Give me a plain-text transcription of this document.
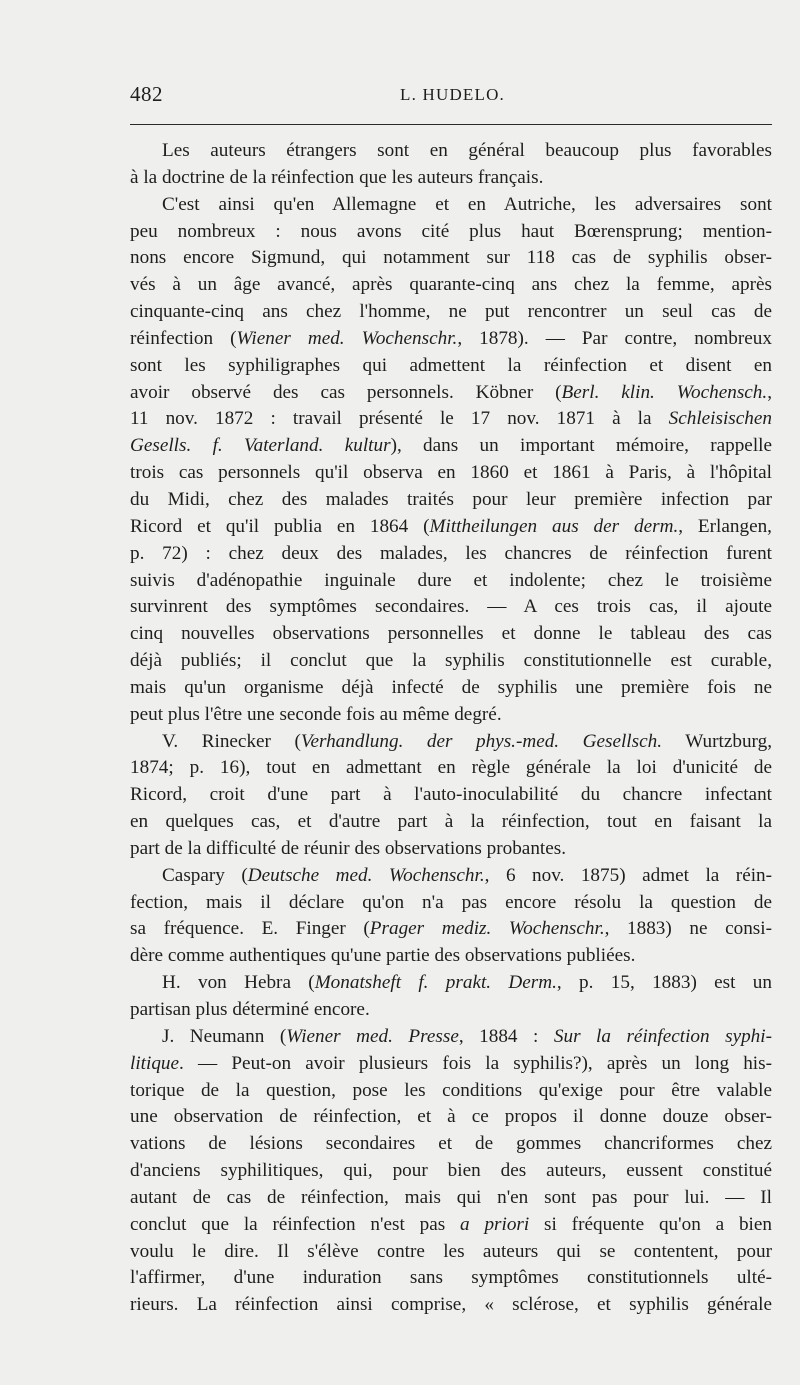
482	L. HUDELO.
Les auteurs étrangers sont en général beaucoup plus favorables
à la doctrine de la réinfection que les auteurs français.
C'est ainsi qu'en Allemagne et en Autriche, les adversaires sont
peu nombreux : nous avons cité plus haut Bœrensprung; mention-
nons encore Sigmund, qui notamment sur 118 cas de syphilis obser-
vés à un âge avancé, après quarante-cinq ans chez la femme, après
cinquante-cinq ans chez l'homme, ne put rencontrer un seul cas de
réinfection (Wiener med. Wochenschr., 1878). — Par contre, nombreux
sont les syphiligraphes qui admettent la réinfection et disent en
avoir observé des cas personnels. Köbner (Berl. klin. Wochensch.,
11 nov. 1872 : travail présenté le 17 nov. 1871 à la Schleisischen
Gesells. f. Vaterland. kultur), dans un important mémoire, rappelle
trois cas personnels qu'il observa en 1860 et 1861 à Paris, à l'hôpital
du Midi, chez des malades traités pour leur première infection par
Ricord et qu'il publia en 1864 (Mittheilungen aus der derm., Erlangen,
p. 72) : chez deux des malades, les chancres de réinfection furent
suivis d'adénopathie inguinale dure et indolente; chez le troisième
survinrent des symptômes secondaires. — A ces trois cas, il ajoute
cinq nouvelles observations personnelles et donne le tableau des cas
déjà publiés; il conclut que la syphilis constitutionnelle est curable,
mais qu'un organisme déjà infecté de syphilis une première fois ne
peut plus l'être une seconde fois au même degré.
V. Rinecker (Verhandlung. der phys.-med. Gesellsch. Wurtzburg,
1874; p. 16), tout en admettant en règle générale la loi d'unicité de
Ricord, croit d'une part à l'auto-inoculabilité du chancre infectant
en quelques cas, et d'autre part à la réinfection, tout en faisant la
part de la difficulté de réunir des observations probantes.
Caspary (Deutsche med. Wochenschr., 6 nov. 1875) admet la réin-
fection, mais il déclare qu'on n'a pas encore résolu la question de
sa fréquence. E. Finger (Prager mediz. Wochenschr., 1883) ne consi-
dère comme authentiques qu'une partie des observations publiées.
H. von Hebra (Monatsheft f. prakt. Derm., p. 15, 1883) est un
partisan plus déterminé encore.
J. Neumann (Wiener med. Presse, 1884 : Sur la réinfection syphi-
litique. — Peut-on avoir plusieurs fois la syphilis?), après un long his-
torique de la question, pose les conditions qu'exige pour être valable
une observation de réinfection, et à ce propos il donne douze obser-
vations de lésions secondaires et de gommes chancriformes chez
d'anciens syphilitiques, qui, pour bien des auteurs, eussent constitué
autant de cas de réinfection, mais qui n'en sont pas pour lui. — Il
conclut que la réinfection n'est pas a priori si fréquente qu'on a bien
voulu le dire. Il s'élève contre les auteurs qui se contentent, pour
l'affirmer, d'une induration sans symptômes constitutionnels ulté-
rieurs. La réinfection ainsi comprise, « sclérose, et syphilis générale
